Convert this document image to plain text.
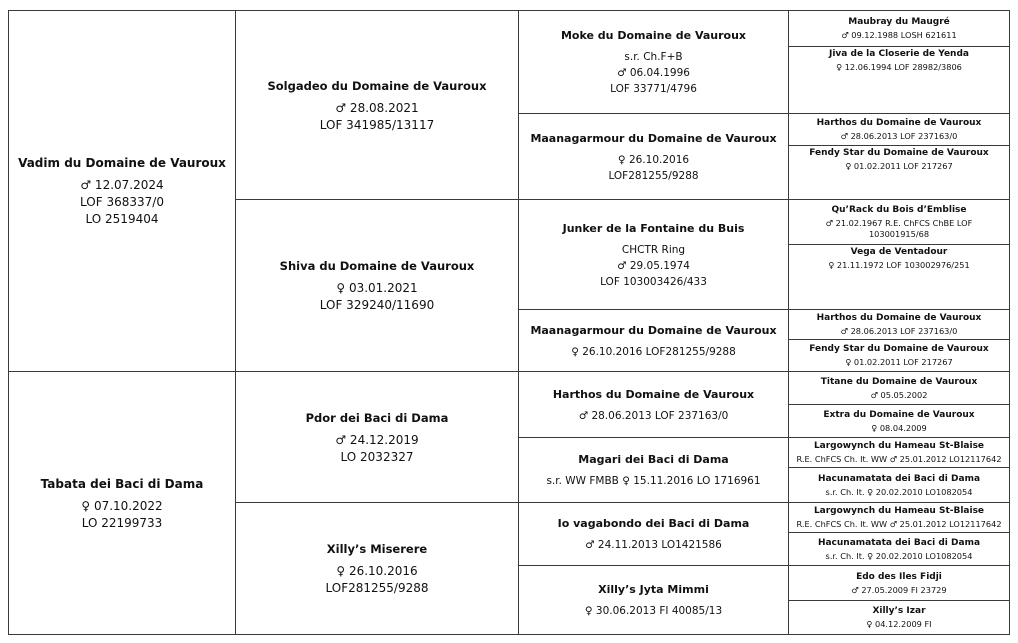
Vadim du Domaine de Vauroux
♂ 12.07.2024
LOF 368337/0
LO 2519404
Tabata dei Baci di Dama
♀ 07.10.2022
LO 22199733
Solgadeo du Domaine de Vauroux
♂ 28.08.2021
LOF 341985/13117
Shiva du Domaine de Vauroux
♀ 03.01.2021
LOF 329240/11690
Pdor dei Baci di Dama
♂ 24.12.2019
LO 2032327
Xilly’s Miserere
♀ 26.10.2016
LOF281255/9288
Moke du Domaine de Vauroux
s.r. Ch.F+B
♂ 06.04.1996
LOF 33771/4796
Maanagarmour du Domaine de Vauroux
♀ 26.10.2016
LOF281255/9288
Junker de la Fontaine du Buis
CHCTR Ring
♂ 29.05.1974
LOF 103003426/433
Maanagarmour du Domaine de Vauroux
♀ 26.10.2016 LOF281255/9288
Harthos du Domaine de Vauroux
♂ 28.06.2013 LOF 237163/0
Magari dei Baci di Dama
s.r. WW FMBB ♀ 15.11.2016 LO 1716961
Io vagabondo dei Baci di Dama
♂ 24.11.2013 LO1421586
Xilly’s Jyta Mimmi
♀ 30.06.2013 FI 40085/13
Maubray du Maugré
♂ 09.12.1988 LOSH 621611
Jiva de la Closerie de Yenda
♀ 12.06.1994 LOF 28982/3806
Harthos du Domaine de Vauroux
♂ 28.06.2013 LOF 237163/0
Fendy Star du Domaine de Vauroux
♀ 01.02.2011 LOF 217267
Qu’Rack du Bois d’Emblise
♂ 21.02.1967 R.E. ChFCS ChBE LOF
103001915/68
Vega de Ventadour
♀ 21.11.1972 LOF 103002976/251
Harthos du Domaine de Vauroux
♂ 28.06.2013 LOF 237163/0
Fendy Star du Domaine de Vauroux
♀ 01.02.2011 LOF 217267
Titane du Domaine de Vauroux
♂ 05.05.2002
Extra du Domaine de Vauroux
♀ 08.04.2009
Largowynch du Hameau St-Blaise
R.E. ChFCS Ch. It. WW ♂ 25.01.2012 LO12117642
Hacunamatata dei Baci di Dama
s.r. Ch. It. ♀ 20.02.2010 LO1082054
Largowynch du Hameau St-Blaise
R.E. ChFCS Ch. It. WW ♂ 25.01.2012 LO12117642
Hacunamatata dei Baci di Dama
s.r. Ch. It. ♀ 20.02.2010 LO1082054
Edo des Iles Fidji
♂ 27.05.2009 FI 23729
Xilly’s Izar
♀ 04.12.2009 FI
